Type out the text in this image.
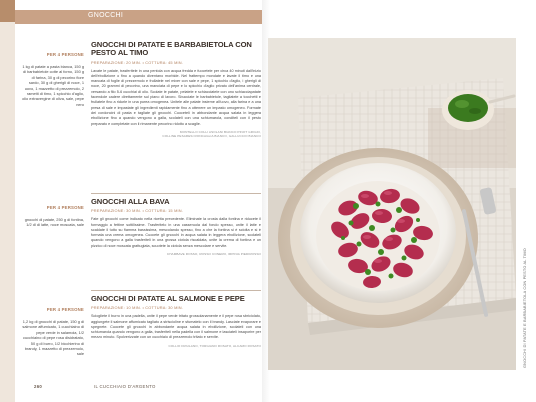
GNOCCHI
PER 4 PERSONE
1 kg di patate a pasta bianca, 150 g di barbabietole cotte al forno, 150 g di farina, 30 g di pecorino fiore sardo, 30 g di gherigli di noce, 1 uovo, 1 mazzetto di prezzemolo, 2 rametti di timo, 1 spicchio d'aglio, olio extravergine di oliva, sale, pepe nero
GNOCCHI DI PATATE E BARBABIETOLA CON PESTO AL TIMO
PREPARAZIONE: 20 MIN. • COTTURA: 45 MIN.
Lavate le patate, trasferitele in una pentola con acqua fredda e fuocetele per circa 40 minuti dall'inizio dell'ebollizione o fino a quando diventano morbide. Nel frattempo mondate e lavate il timo e una mancata di foglie di prezzemolo e frullatele nel mixer con sale e pepe, 1 spicchio d'aglio, i gherigli di noce, 20 grammi di pecorino, una manciata di pepe e lo spicchio d'aglio privato dell'anima centrale, versando a filo 5-6 cucchiai di olio. Scolate le patate, pelatele e schiacciatele con uno schiacciapatate facendole cadere direttamente sul piano di lavoro. Sbucciate le barbabietole, tagliatele a tocchetti e frullatele fino a ridurle in una purea omogenea. Unitele alle patate insieme all'uovo, alla farina e a una presa di sale e impastate gli ingredienti rapidamente fino a ottenere un impasto omogeneo. Formate dei cordoncini di pasta e tagliate gli gnocchi. Cuoceteli in abbondante acqua salata in leggera ebollizione fino a quando vengono a galla, scolateli con una schiumarola, conditeli con il pesto preparato e completate con il rimanente pecorino ridotto a scaglie.
MONTELLO COLLI ASOLANI BIANCO PINOT GRIGIO,
COLLINE PESARESI RONCAGLIA BIANCO, GALLUCCIO BIANCO
PER 4 PERSONE
gnocchi di patate, 250 g di fontina, 1/2 dl di latte, noce moscata, sale
GNOCCHI ALLA BAVA
PREPARAZIONE: 30 MIN. • COTTURA: 15 MIN.
Fate gli gnocchi come indicato nella ricetta precedente. Eliminate la crosta dalla fontina e riducete il formaggio a fettine sottilissime. Trasferitelo in una casseruola dal fondo spesso, unite il latte e scaldate il tutto su fiamma bassissima, mescolando spesso, fino a che la fontina si è sciolta e si è formata una crema omogenea. Cuocete gli gnocchi in acqua salata in leggera ebollizione, scolateli quando vengono a galla trasferiteli in una grossa ciotola riscaldata, unite la crema di fontina e un pizzico di noce moscata grattugiata, scuotete la ciotola senza mescolare e servite.
CHAMBAVE ROSSO, ROSSO CONERO, IRPINIA PIEDIROSSO
PER 4 PERSONE
1,2 kg di gnocchi di patate, 150 g di salmone affumicato, 1 cucchiaino di pepe verde in salamoia, 1/2 cucchiaino di pepe rosa disidratato, 50 g di burro, 1/2 bicchierino di brandy, 1 mazzetto di prezzemolo, sale
GNOCCHI DI PATATE AL SALMONE E PEPE
PREPARAZIONE: 10 MIN. • COTTURA: 30 MIN.
Sciogliete il burro in una padella, unite il pepe verde tritato grossolanamente e il pepe rosa sbriciolato, aggiungete il salmone affumicato tagliato a striscioline e sfumatelo con il brandy. Lasciate evaporare e spegnete. Cuocete gli gnocchi in abbondante acqua salata in ebollizione, scolateli con una schiumarola quando vengono a galla, trasferiteli nella padella con il salmone e lasciateli insaporire per mezzo minuto. Spolverizzate con un cucchiaio di prezzemolo tritato e servite.
COLLIO FRIULANO, TORGIANO ROSATO, ALCAMO ROSATO
260	IL CUCCHIAIO D'ARGENTO
GNOCCHI DI PATATE E BARBABIETOLA CON PESTO AL TIMO
